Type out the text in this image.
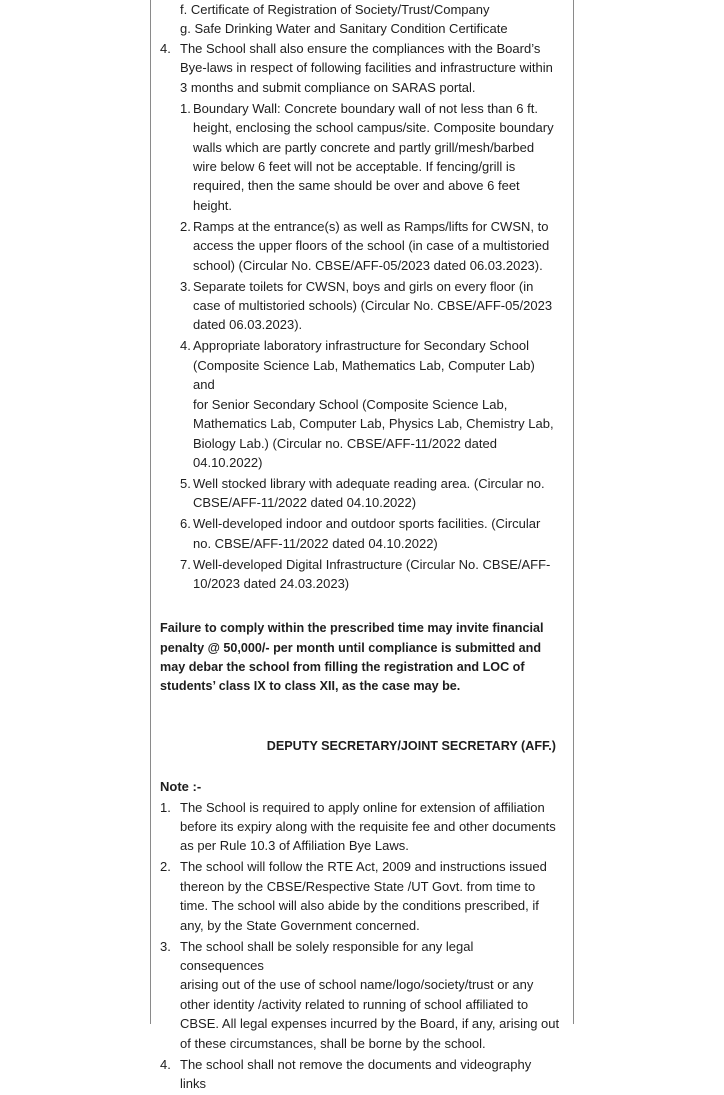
f. Certificate of Registration of Society/Trust/Company
g. Safe Drinking Water and Sanitary Condition Certificate
4. The School shall also ensure the compliances with the Board’s
Bye-laws in respect of following facilities and infrastructure within
3 months and submit compliance on SARAS portal.
1. Boundary Wall: Concrete boundary wall of not less than 6 ft.
height, enclosing the school campus/site. Composite boundary
walls which are partly concrete and partly grill/mesh/barbed
wire below 6 feet will not be acceptable. If fencing/grill is
required, then the same should be over and above 6 feet height.
2. Ramps at the entrance(s) as well as Ramps/lifts for CWSN, to
access the upper floors of the school (in case of a multistoried
school) (Circular No. CBSE/AFF-05/2023 dated 06.03.2023).
3. Separate toilets for CWSN, boys and girls on every floor (in
case of multistoried schools) (Circular No. CBSE/AFF-05/2023
dated 06.03.2023).
4. Appropriate laboratory infrastructure for Secondary School
(Composite Science Lab, Mathematics Lab, Computer Lab) and
for Senior Secondary School (Composite Science Lab,
Mathematics Lab, Computer Lab, Physics Lab, Chemistry Lab,
Biology Lab.) (Circular no. CBSE/AFF-11/2022 dated
04.10.2022)
5. Well stocked library with adequate reading area. (Circular no.
CBSE/AFF-11/2022 dated 04.10.2022)
6. Well-developed indoor and outdoor sports facilities. (Circular
no. CBSE/AFF-11/2022 dated 04.10.2022)
7. Well-developed Digital Infrastructure (Circular No. CBSE/AFF-
10/2023 dated 24.03.2023)
Failure to comply within the prescribed time may invite financial
penalty @ 50,000/- per month until compliance is submitted and
may debar the school from filling the registration and LOC of
students’ class IX to class XII, as the case may be.
DEPUTY SECRETARY/JOINT SECRETARY (AFF.)
Note :-
1. The School is required to apply online for extension of affiliation
before its expiry along with the requisite fee and other documents
as per Rule 10.3 of Affiliation Bye Laws.
2. The school will follow the RTE Act, 2009 and instructions issued
thereon by the CBSE/Respective State /UT Govt. from time to
time. The school will also abide by the conditions prescribed, if
any, by the State Government concerned.
3. The school shall be solely responsible for any legal consequences
arising out of the use of school name/logo/society/trust or any
other identity /activity related to running of school affiliated to
CBSE. All legal expenses incurred by the Board, if any, arising out
of these circumstances, shall be borne by the school.
4. The school shall not remove the documents and videography links
